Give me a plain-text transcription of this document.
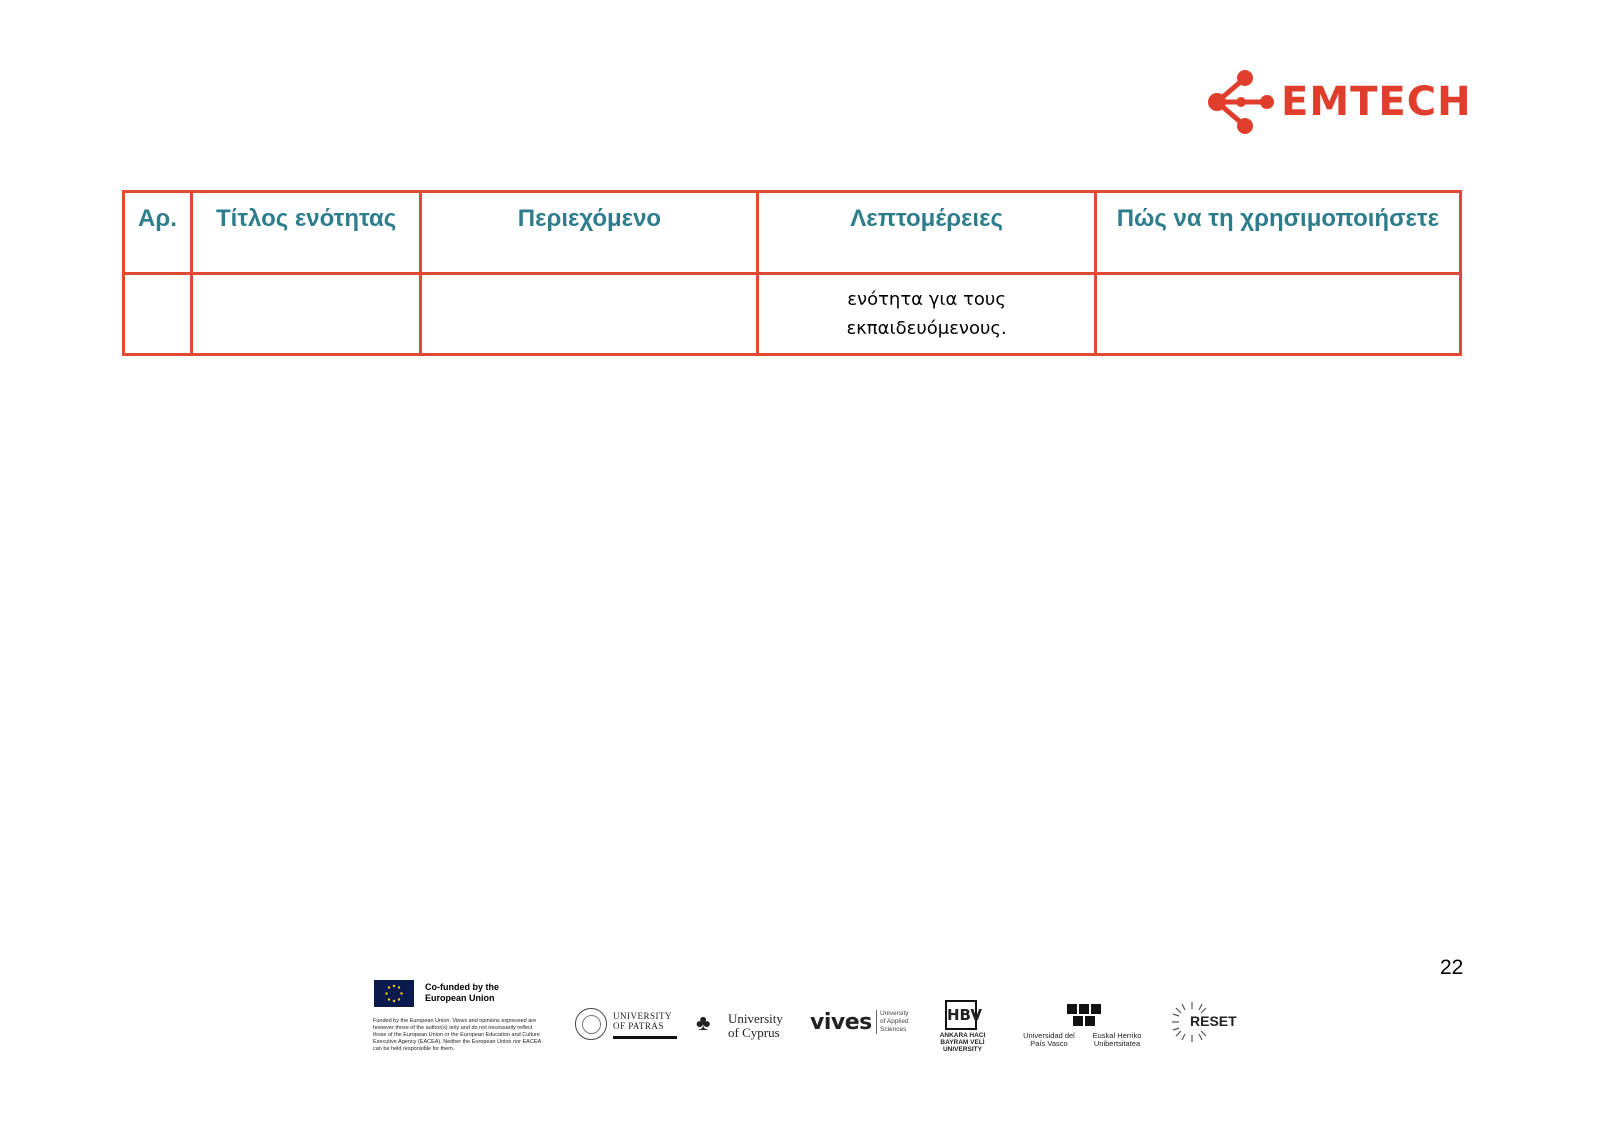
EMTECH
Αρ.	Τίτλος ενότητας	Περιεχόμενο	Λεπτομέρειες	Πώς να τη χρησιμοποιήσετε
			ενότητα για τους εκπαιδευόμενους.	
22
Co-funded by the European Union
Funded by the European Union. Views and opinions expressed are however those of the author(s) only and do not necessarily reflect those of the European Union or the European Education and Culture Executive Agency (EACEA). Neither the European Union nor EACEA can be held responsible for them.
UNIVERSITY OF PATRAS	♣ University of Cyprus	vives	University of Applied Sciences
HBV
ANKARA HACI BAYRAM VELİ UNIVERSITY
Universidad del País Vasco
Euskal Herriko Unibertsitatea
RESET
